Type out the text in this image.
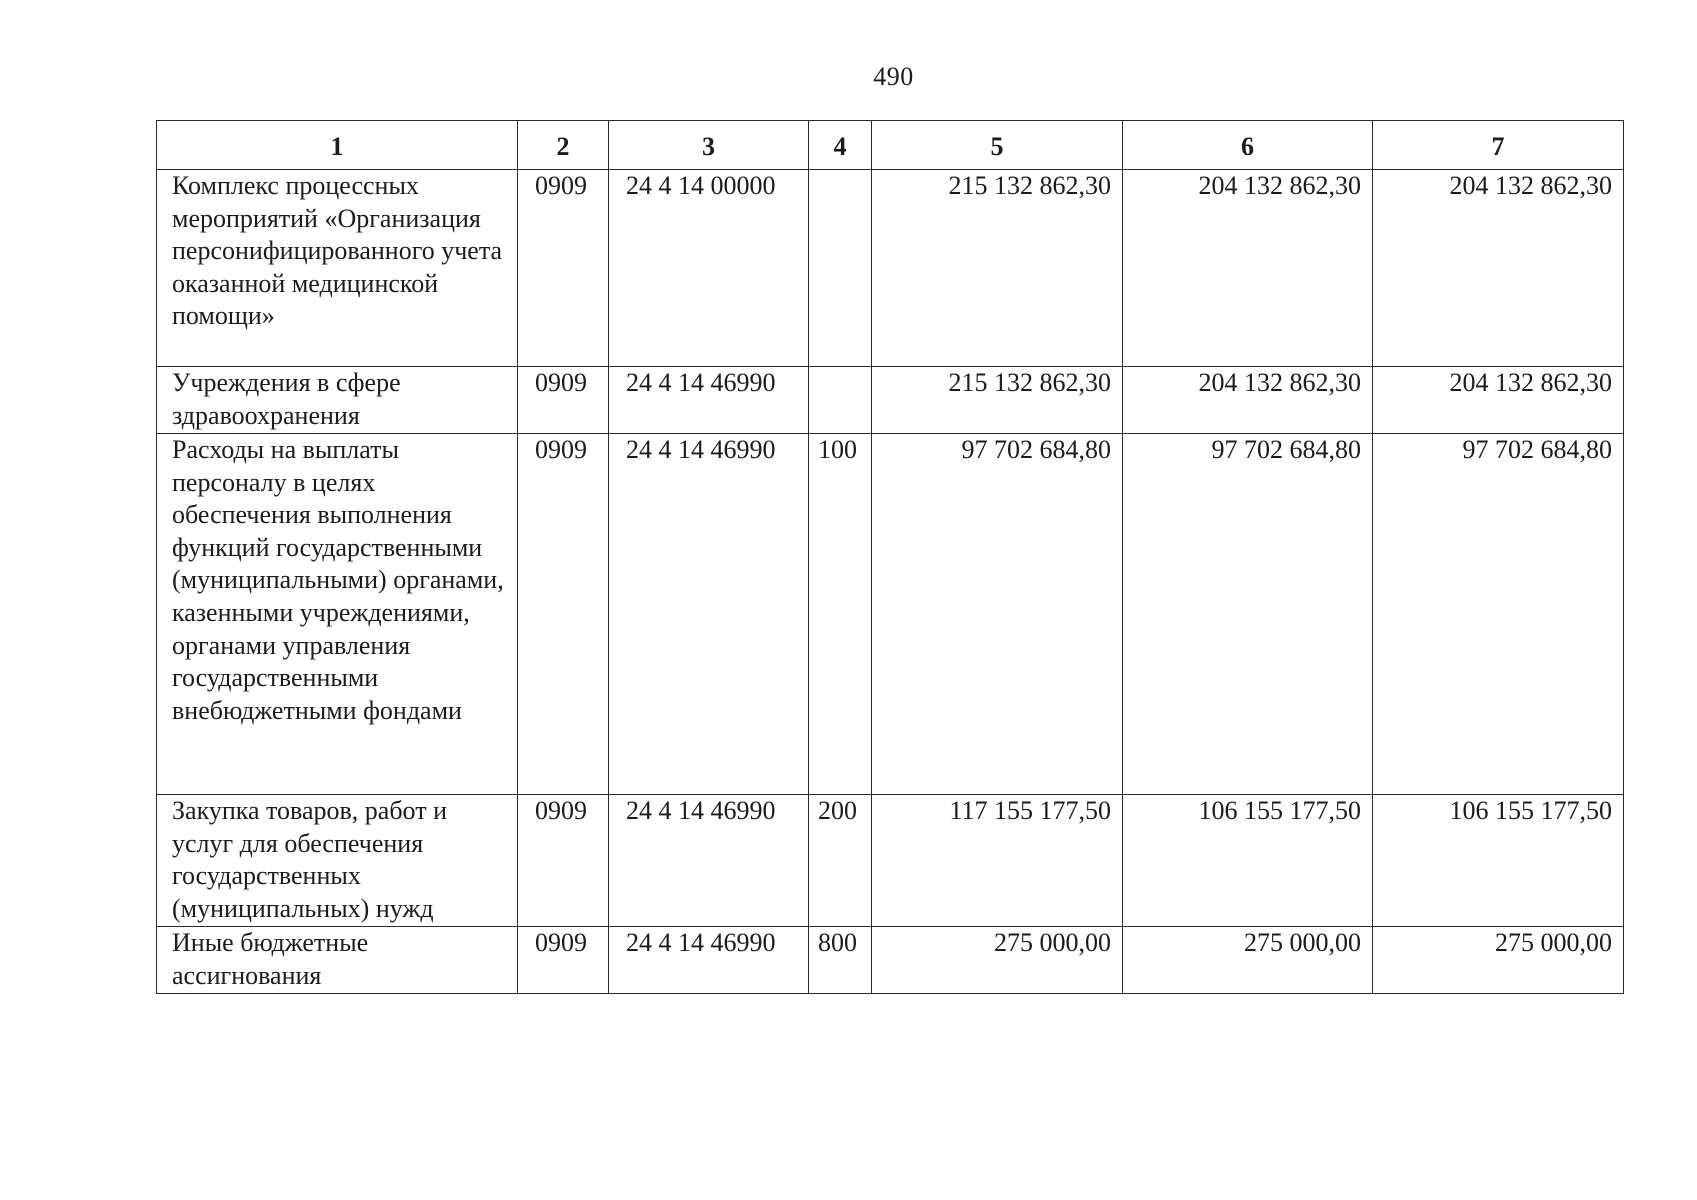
490
1	2	3	4	5	6	7
Комплекс процессных мероприятий «Организация персонифицированного учета оказанной медицинской помощи»	0909	24 4 14 00000		215 132 862,30	204 132 862,30	204 132 862,30
Учреждения в сфере здравоохранения	0909	24 4 14 46990		215 132 862,30	204 132 862,30	204 132 862,30
Расходы на выплаты персоналу в целях обеспечения выполнения функций государственными (муниципальными) органами, казенными учреждениями, органами управления государственными внебюджетными фондами	0909	24 4 14 46990	100	97 702 684,80	97 702 684,80	97 702 684,80
Закупка товаров, работ и услуг для обеспечения государственных (муниципальных) нужд	0909	24 4 14 46990	200	117 155 177,50	106 155 177,50	106 155 177,50
Иные бюджетные ассигнования	0909	24 4 14 46990	800	275 000,00	275 000,00	275 000,00
